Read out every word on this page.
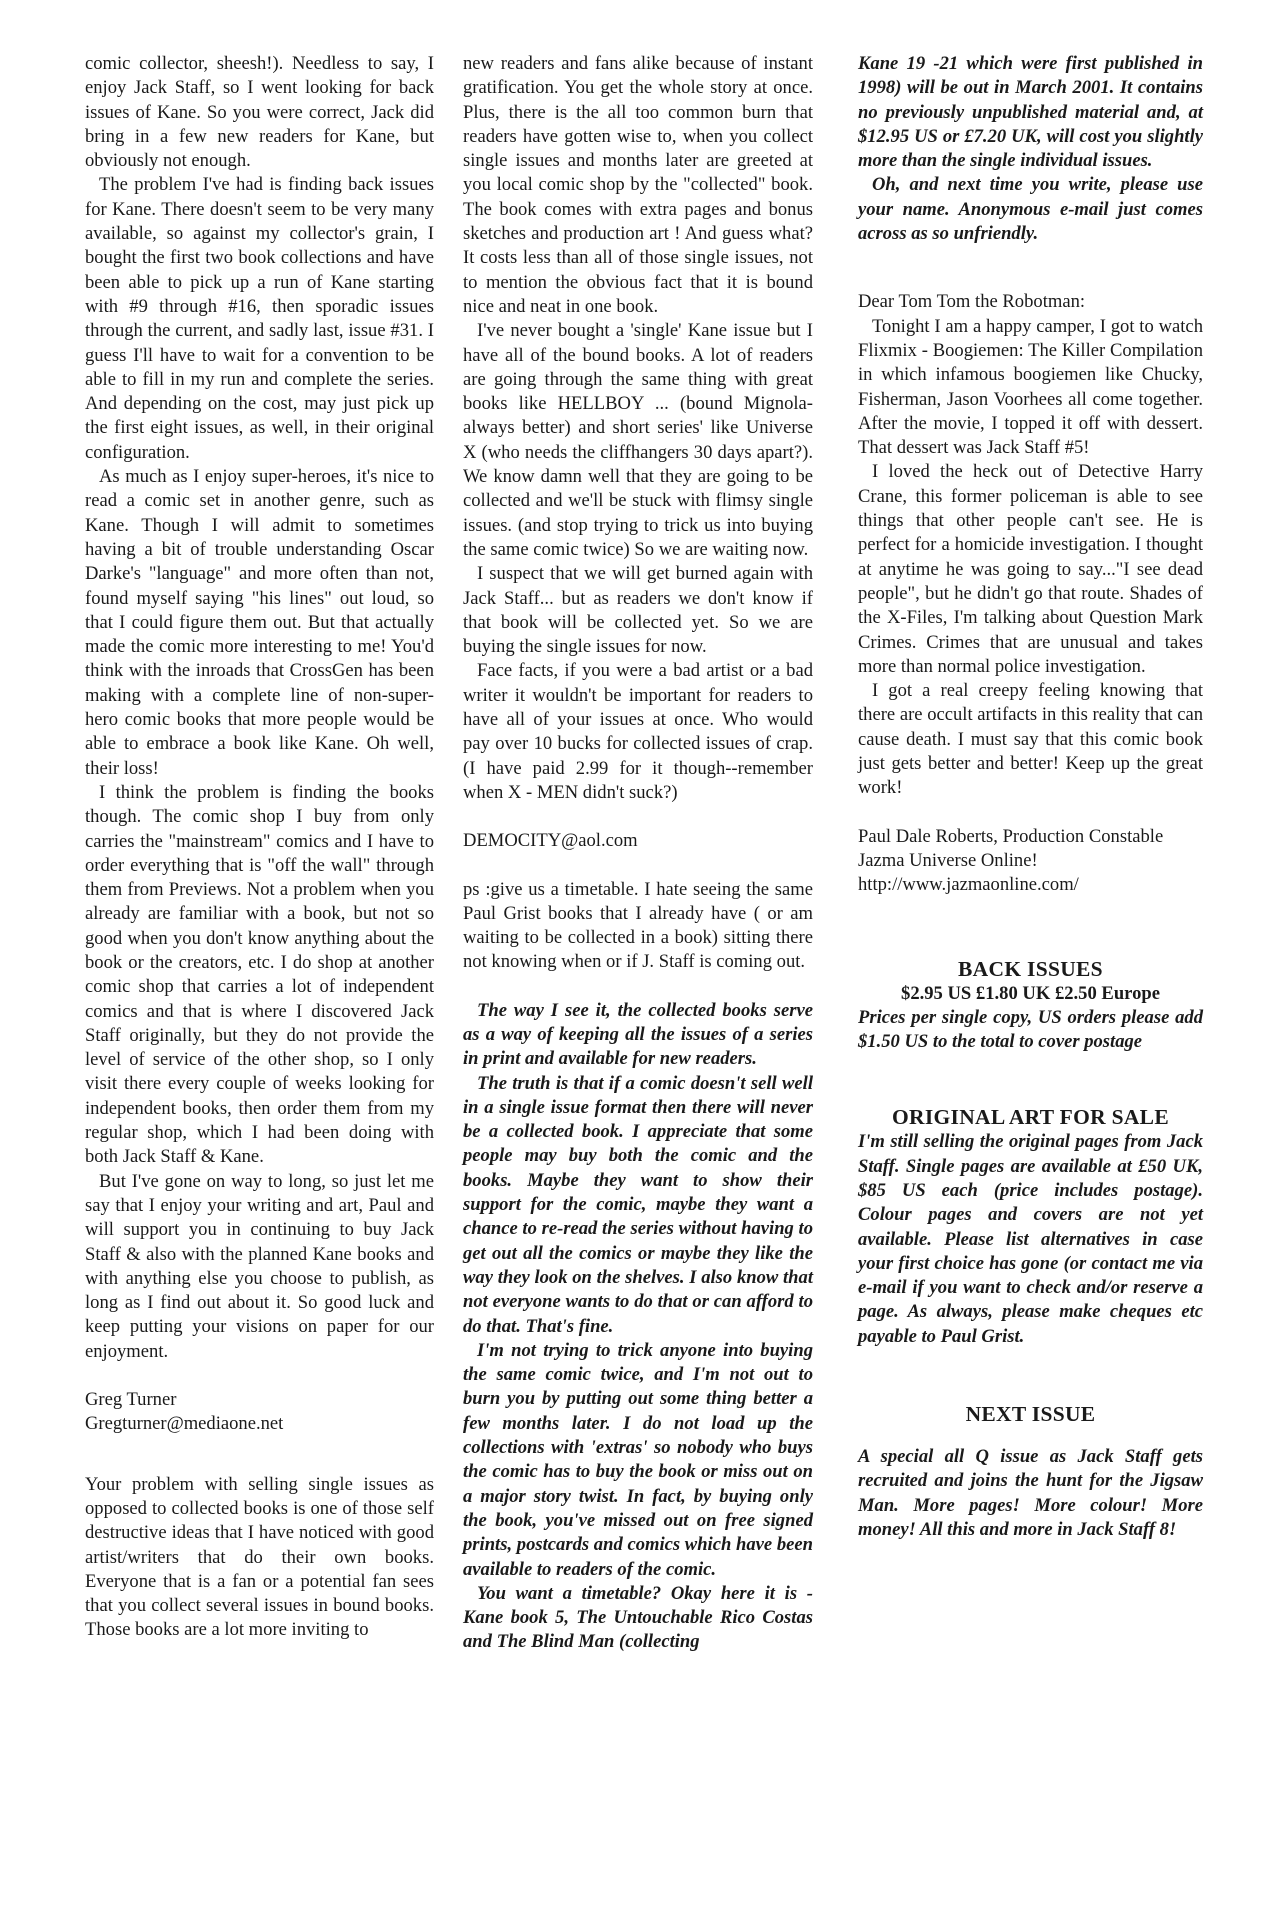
comic collector, sheesh!). Needless to say, I enjoy Jack Staff, so I went looking for back issues of Kane. So you were correct, Jack did bring in a few new readers for Kane, but obviously not enough.

The problem I've had is finding back issues for Kane. There doesn't seem to be very many available, so against my collector's grain, I bought the first two book collections and have been able to pick up a run of Kane starting with #9 through #16, then sporadic issues through the current, and sadly last, issue #31. I guess I'll have to wait for a convention to be able to fill in my run and complete the series. And depending on the cost, may just pick up the first eight issues, as well, in their original configuration.

As much as I enjoy super-heroes, it's nice to read a comic set in another genre, such as Kane. Though I will admit to sometimes having a bit of trouble understanding Oscar Darke's "language" and more often than not, found myself saying "his lines" out loud, so that I could figure them out. But that actually made the comic more interesting to me! You'd think with the inroads that CrossGen has been making with a complete line of non-super-hero comic books that more people would be able to embrace a book like Kane. Oh well, their loss!

I think the problem is finding the books though. The comic shop I buy from only carries the "mainstream" comics and I have to order everything that is "off the wall" through them from Previews. Not a problem when you already are familiar with a book, but not so good when you don't know anything about the book or the creators, etc. I do shop at another comic shop that carries a lot of independent comics and that is where I discovered Jack Staff originally, but they do not provide the level of service of the other shop, so I only visit there every couple of weeks looking for independent books, then order them from my regular shop, which I had been doing with both Jack Staff & Kane.

But I've gone on way to long, so just let me say that I enjoy your writing and art, Paul and will support you in continuing to buy Jack Staff & also with the planned Kane books and with anything else you choose to publish, as long as I find out about it. So good luck and keep putting your visions on paper for our enjoyment.

Greg Turner

Gregturner@mediaone.net

Your problem with selling single issues as opposed to collected books is one of those self destructive ideas that I have noticed with good artist/writers that do their own books. Everyone that is a fan or a potential fan sees that you collect several issues in bound books. Those books are a lot more inviting to

new readers and fans alike because of instant gratification. You get the whole story at once. Plus, there is the all too common burn that readers have gotten wise to, when you collect single issues and months later are greeted at you local comic shop by the "collected" book. The book comes with extra pages and bonus sketches and production art ! And guess what? It costs less than all of those single issues, not to mention the obvious fact that it is bound nice and neat in one book.

I've never bought a 'single' Kane issue but I have all of the bound books. A lot of readers are going through the same thing with great books like HELLBOY ... (bound Mignola-always better) and short series' like Universe X (who needs the cliffhangers 30 days apart?). We know damn well that they are going to be collected and we'll be stuck with flimsy single issues. (and stop trying to trick us into buying the same comic twice) So we are waiting now.

I suspect that we will get burned again with Jack Staff... but as readers we don't know if that book will be collected yet. So we are buying the single issues for now.

Face facts, if you were a bad artist or a bad writer it wouldn't be important for readers to have all of your issues at once. Who would pay over 10 bucks for collected issues of crap. (I have paid 2.99 for it though--remember when X - MEN didn't suck?)

DEMOCITY@aol.com

ps :give us a timetable. I hate seeing the same Paul Grist books that I already have ( or am waiting to be collected in a book) sitting there not knowing when or if J. Staff is coming out.

The way I see it, the collected books serve as a way of keeping all the issues of a series in print and available for new readers.

The truth is that if a comic doesn't sell well in a single issue format then there will never be a collected book. I appreciate that some people may buy both the comic and the books. Maybe they want to show their support for the comic, maybe they want a chance to re-read the series without having to get out all the comics or maybe they like the way they look on the shelves. I also know that not everyone wants to do that or can afford to do that. That's fine.

I'm not trying to trick anyone into buying the same comic twice, and I'm not out to burn you by putting out some thing better a few months later. I do not load up the collections with 'extras' so nobody who buys the comic has to buy the book or miss out on a major story twist. In fact, by buying only the book, you've missed out on free signed prints, postcards and comics which have been available to readers of the comic.

You want a timetable? Okay here it is - Kane book 5, The Untouchable Rico Costas and The Blind Man (collecting

Kane 19 -21 which were first published in 1998) will be out in March 2001. It contains no previously unpublished material and, at $12.95 US or £7.20 UK, will cost you slightly more than the single individual issues.

Oh, and next time you write, please use your name. Anonymous e-mail just comes across as so unfriendly.

Dear Tom Tom the Robotman:

Tonight I am a happy camper, I got to watch Flixmix - Boogiemen: The Killer Compilation in which infamous boogiemen like Chucky, Fisherman, Jason Voorhees all come together. After the movie, I topped it off with dessert. That dessert was Jack Staff #5!

I loved the heck out of Detective Harry Crane, this former policeman is able to see things that other people can't see. He is perfect for a homicide investigation. I thought at anytime he was going to say..."I see dead people", but he didn't go that route. Shades of the X-Files, I'm talking about Question Mark Crimes. Crimes that are unusual and takes more than normal police investigation.

I got a real creepy feeling knowing that there are occult artifacts in this reality that can cause death. I must say that this comic book just gets better and better! Keep up the great work!

Paul Dale Roberts, Production Constable

Jazma Universe Online!

http://www.jazmaonline.com/

BACK ISSUES

$2.95 US £1.80 UK £2.50 Europe

Prices per single copy, US orders please add $1.50 US to the total to cover postage

ORIGINAL ART FOR SALE

I'm still selling the original pages from Jack Staff. Single pages are available at £50 UK, $85 US each (price includes postage). Colour pages and covers are not yet available. Please list alternatives in case your first choice has gone (or contact me via e-mail if you want to check and/or reserve a page. As always, please make cheques etc payable to Paul Grist.

NEXT ISSUE

A special all Q issue as Jack Staff gets recruited and joins the hunt for the Jigsaw Man. More pages! More colour! More money! All this and more in Jack Staff 8!
